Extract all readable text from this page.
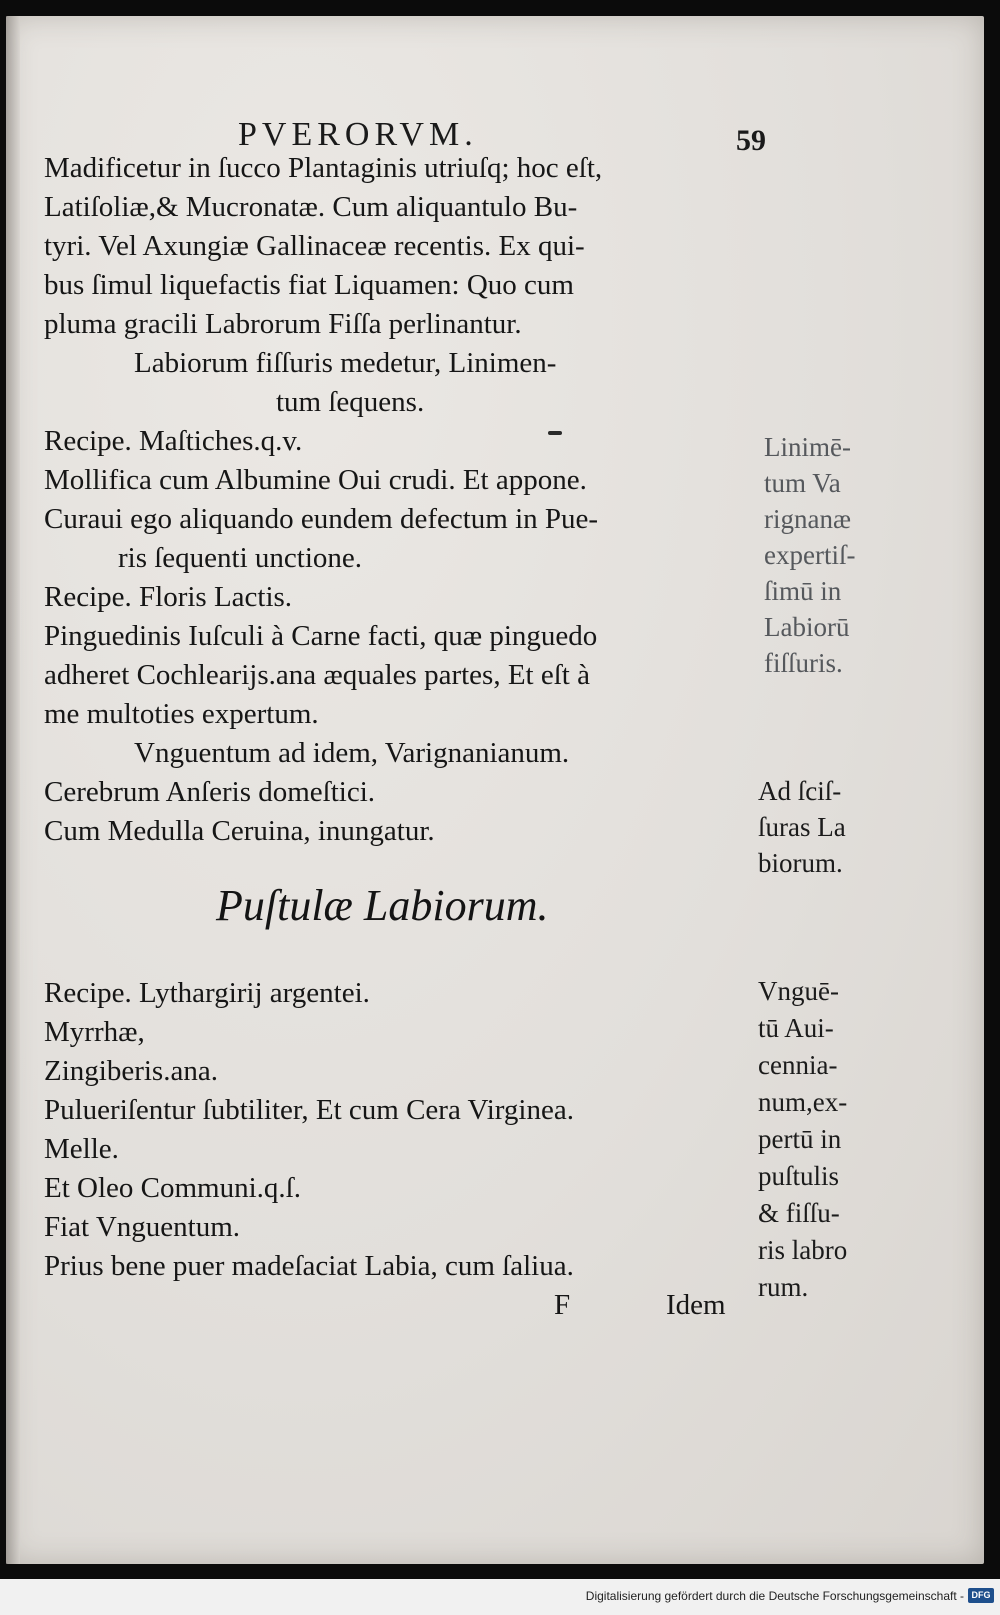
PVERORVM.	59
Madificetur in ſucco Plantaginis utriuſq; hoc eſt,
Latiſoliæ,& Mucronatæ. Cum aliquantulo Bu-
tyri. Vel Axungiæ Gallinaceæ recentis. Ex qui-
bus ſimul liquefactis fiat Liquamen: Quo cum
pluma gracili Labrorum Fiſſa perlinantur.
Labiorum fiſſuris medetur, Linimen-
tum ſequens.
Recipe. Maſtiches.q.v.
Mollifica cum Albumine Oui crudi. Et appone.
Curaui ego aliquando eundem defectum in Pue-
ris ſequenti unctione.
Recipe. Floris Lactis.
Pinguedinis Iuſculi à Carne facti, quæ pinguedo
adheret Cochlearijs.ana æquales partes, Et eſt à
me multoties expertum.
Vnguentum ad idem, Varignanianum.
Cerebrum Anſeris domeſtici.
Cum Medulla Ceruina, inungatur.
Puſtulæ Labiorum.
Recipe. Lythargirij argentei.
Myrrhæ,
Zingiberis.ana.
Pulueriſentur ſubtiliter, Et cum Cera Virginea.
Melle.
Et Oleo Communi.q.ſ.
Fiat Vnguentum.
Prius bene puer madeſaciat Labia, cum ſaliua.
F	Idem
Linimē-
tum Va
rignanæ
expertiſ-
ſimū in
Labiorū
fiſſuris.
Ad ſciſ-
ſuras La
biorum.
Vnguē-
tū Aui-
cennia-
num,ex-
pertū in
puſtulis
& fiſſu-
ris labro
rum.
Digitalisierung gefördert durch die Deutsche Forschungsgemeinschaft - DFG
